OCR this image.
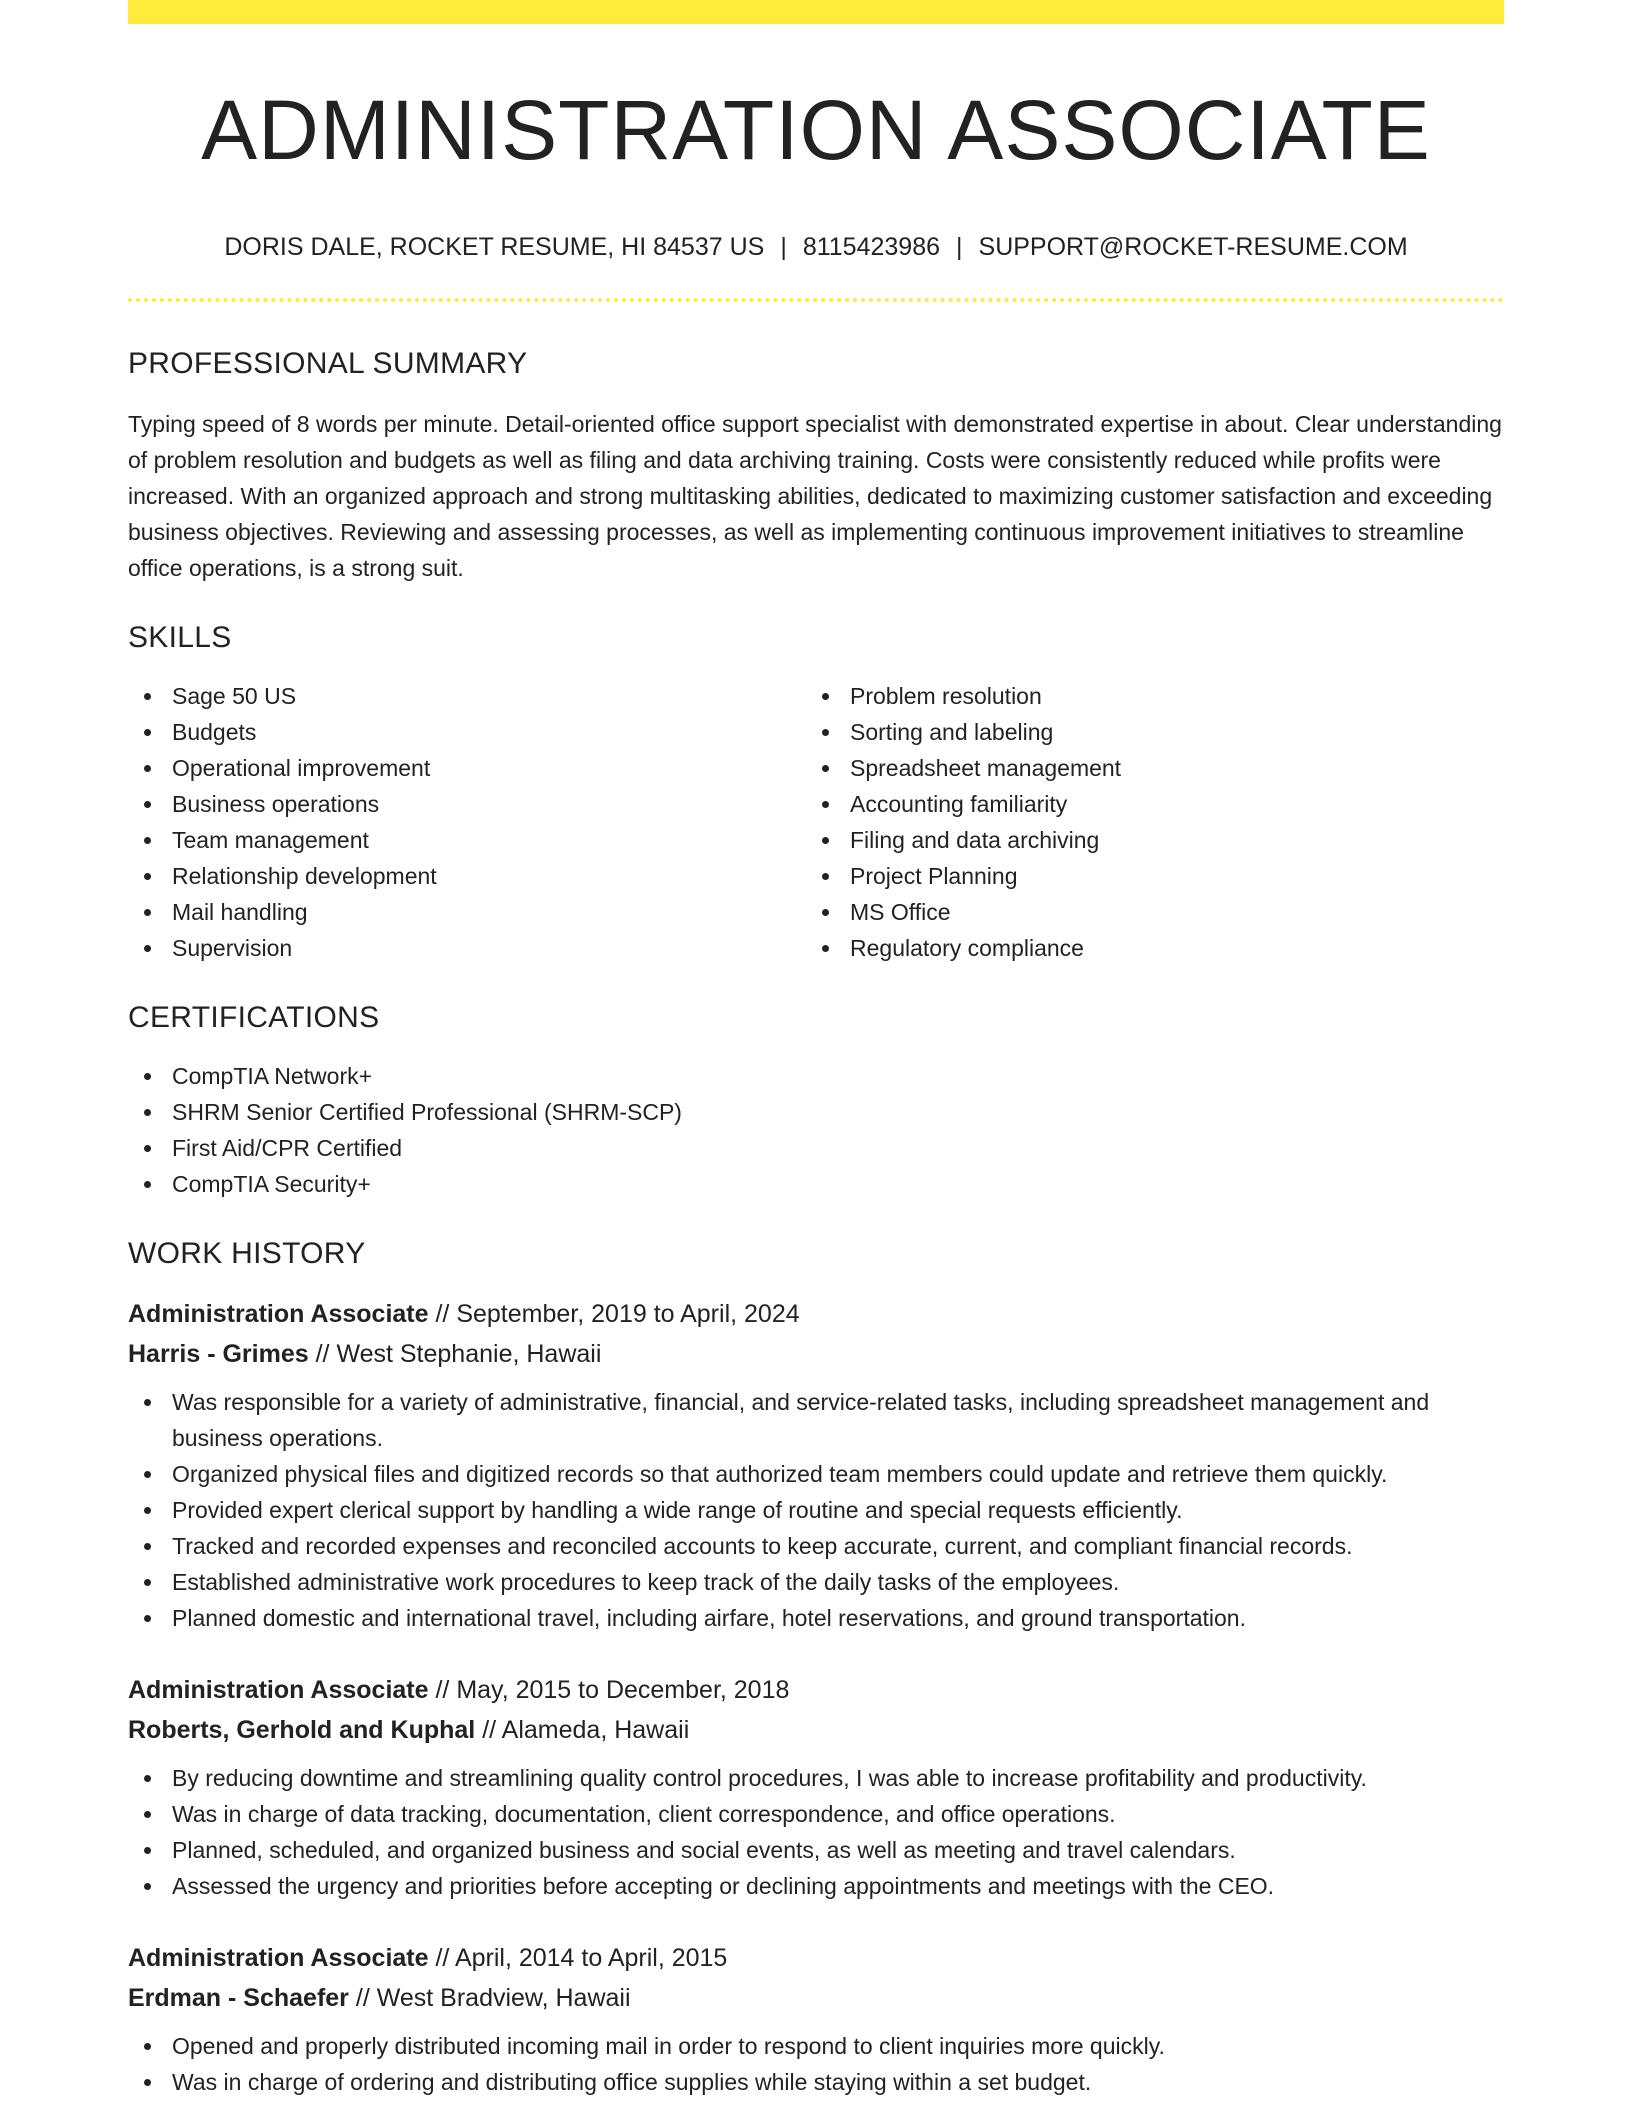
ADMINISTRATION ASSOCIATE
DORIS DALE, ROCKET RESUME, HI 84537 US | 8115423986 | SUPPORT@ROCKET-RESUME.COM
PROFESSIONAL SUMMARY

Typing speed of 8 words per minute. Detail-oriented office support specialist with demonstrated expertise in about. Clear understanding of problem resolution and budgets as well as filing and data archiving training. Costs were consistently reduced while profits were increased. With an organized approach and strong multitasking abilities, dedicated to maximizing customer satisfaction and exceeding business objectives. Reviewing and assessing processes, as well as implementing continuous improvement initiatives to streamline office operations, is a strong suit.

SKILLS
Sage 50 US
Budgets
Operational improvement
Business operations
Team management
Relationship development
Mail handling
Supervision
Problem resolution
Sorting and labeling
Spreadsheet management
Accounting familiarity
Filing and data archiving
Project Planning
MS Office
Regulatory compliance
CERTIFICATIONS
CompTIA Network+
SHRM Senior Certified Professional (SHRM-SCP)
First Aid/CPR Certified
CompTIA Security+
WORK HISTORY
Administration Associate // September, 2019 to April, 2024
Harris - Grimes // West Stephanie, Hawaii
Was responsible for a variety of administrative, financial, and service-related tasks, including spreadsheet management and business operations.
Organized physical files and digitized records so that authorized team members could update and retrieve them quickly.
Provided expert clerical support by handling a wide range of routine and special requests efficiently.
Tracked and recorded expenses and reconciled accounts to keep accurate, current, and compliant financial records.
Established administrative work procedures to keep track of the daily tasks of the employees.
Planned domestic and international travel, including airfare, hotel reservations, and ground transportation.
Administration Associate // May, 2015 to December, 2018
Roberts, Gerhold and Kuphal // Alameda, Hawaii
By reducing downtime and streamlining quality control procedures, I was able to increase profitability and productivity.
Was in charge of data tracking, documentation, client correspondence, and office operations.
Planned, scheduled, and organized business and social events, as well as meeting and travel calendars.
Assessed the urgency and priorities before accepting or declining appointments and meetings with the CEO.
Administration Associate // April, 2014 to April, 2015
Erdman - Schaefer // West Bradview, Hawaii
Opened and properly distributed incoming mail in order to respond to client inquiries more quickly.
Was in charge of ordering and distributing office supplies while staying within a set budget.
